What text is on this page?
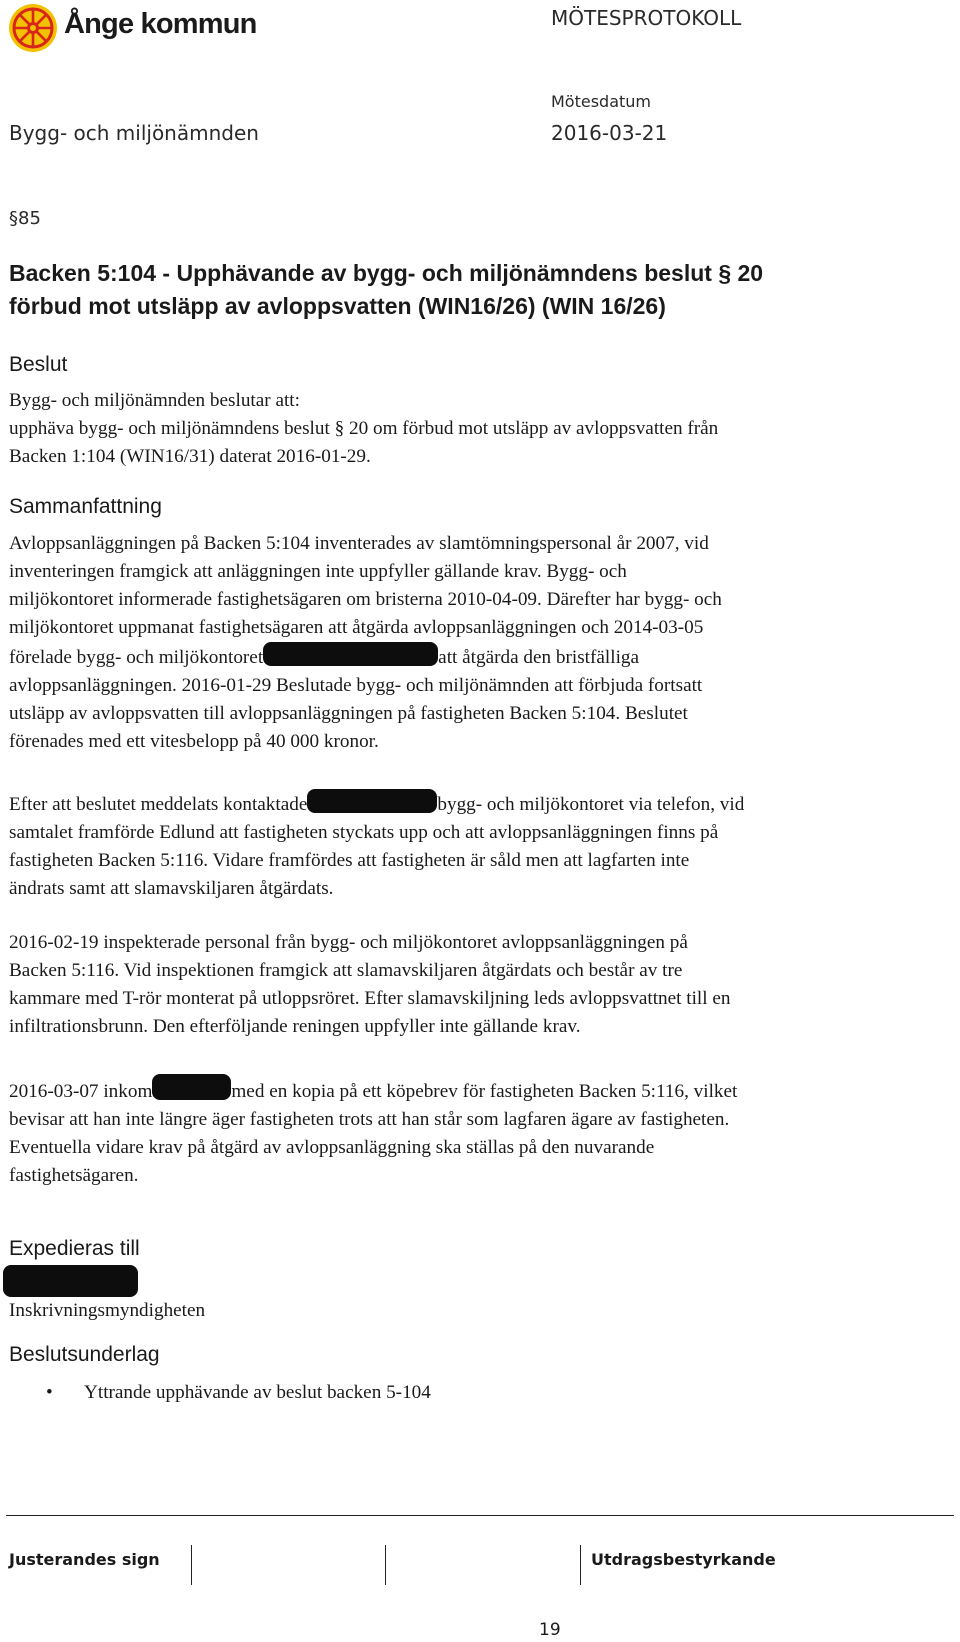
Ånge kommun	MÖTESPROTOKOLL
Mötesdatum
Bygg- och miljönämnden	2016-03-21
§85
Backen 5:104 - Upphävande av bygg- och miljönämndens beslut § 20
förbud mot utsläpp av avloppsvatten (WIN16/26) (WIN 16/26)
Beslut
Bygg- och miljönämnden beslutar att:
upphäva bygg- och miljönämndens beslut § 20 om förbud mot utsläpp av avloppsvatten från
Backen 1:104 (WIN16/31) daterat 2016-01-29.
Sammanfattning
Avloppsanläggningen på Backen 5:104 inventerades av slamtömningspersonal år 2007, vid
inventeringen framgick att anläggningen inte uppfyller gällande krav. Bygg- och
miljökontoret informerade fastighetsägaren om bristerna 2010-04-09. Därefter har bygg- och
miljökontoret uppmanat fastighetsägaren att åtgärda avloppsanläggningen och 2014-03-05
förelade bygg- och miljökontoret	att åtgärda den bristfälliga
avloppsanläggningen. 2016-01-29 Beslutade bygg- och miljönämnden att förbjuda fortsatt
utsläpp av avloppsvatten till avloppsanläggningen på fastigheten Backen 5:104. Beslutet
förenades med ett vitesbelopp på 40 000 kronor.
Efter att beslutet meddelats kontaktade	bygg- och miljökontoret via telefon, vid
samtalet framförde Edlund att fastigheten styckats upp och att avloppsanläggningen finns på
fastigheten Backen 5:116. Vidare framfördes att fastigheten är såld men att lagfarten inte
ändrats samt att slamavskiljaren åtgärdats.
2016-02-19 inspekterade personal från bygg- och miljökontoret avloppsanläggningen på
Backen 5:116. Vid inspektionen framgick att slamavskiljaren åtgärdats och består av tre
kammare med T-rör monterat på utloppsröret. Efter slamavskiljning leds avloppsvattnet till en
infiltrationsbrunn. Den efterföljande reningen uppfyller inte gällande krav.
2016-03-07 inkom	med en kopia på ett köpebrev för fastigheten Backen 5:116, vilket
bevisar att han inte längre äger fastigheten trots att han står som lagfaren ägare av fastigheten.
Eventuella vidare krav på åtgärd av avloppsanläggning ska ställas på den nuvarande
fastighetsägaren.
Expedieras till
Inskrivningsmyndigheten
Beslutsunderlag
• Yttrande upphävande av beslut backen 5-104
Justerandes sign	Utdragsbestyrkande
19
